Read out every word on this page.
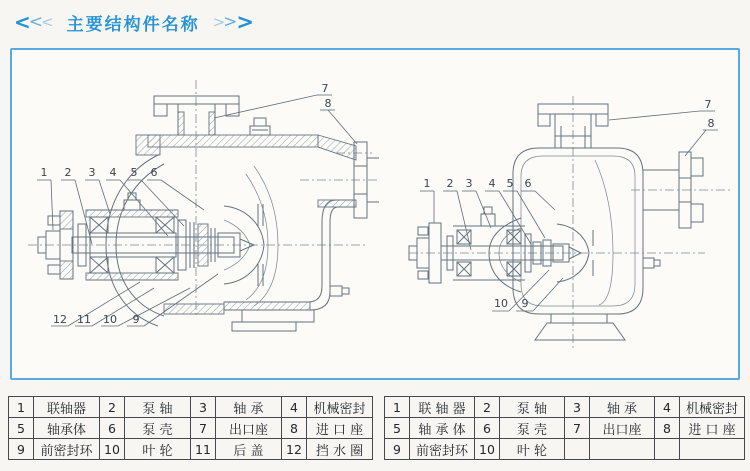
<
<
< 主要结构件名称 >
> >
1 2 3 4 5 6
7
8
9
10
11
12
1 2 3 4 5 6
7
8
9
10
1	联轴器	2	泵 轴	3	轴 承	4	机械密封
5	轴承体	6	泵 壳	7	出口座	8	进 口 座
9	前密封环	10	叶 轮	11	后 盖	12	挡 水 圈
1	联 轴 器	2	泵 轴	3	轴 承	4	机械密封
5	轴 承 体	6	泵 壳	7	出口座	8	进 口 座
9	前密封环	10	叶 轮				
